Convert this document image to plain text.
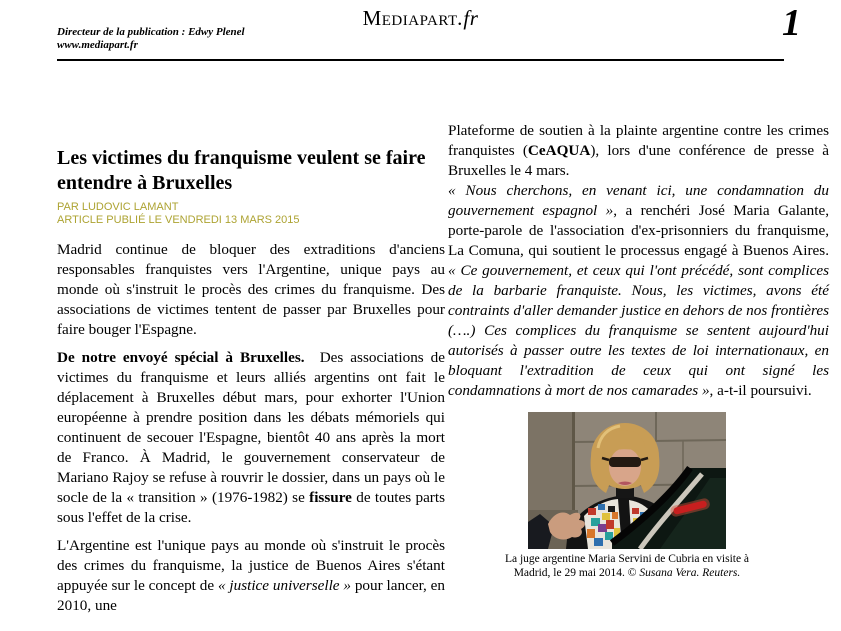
Directeur de la publication : Edwy Plenel
www.mediapart.fr
Mediapart.fr	1
Les victimes du franquisme veulent se faire entendre à Bruxelles
PAR LUDOVIC LAMANT
ARTICLE PUBLIÉ LE VENDREDI 13 MARS 2015

Madrid continue de bloquer des extraditions d'anciens responsables franquistes vers l'Argentine, unique pays au monde où s'instruit le procès des crimes du franquisme. Des associations de victimes tentent de passer par Bruxelles pour faire bouger l'Espagne.

De notre envoyé spécial à Bruxelles.  Des associations de victimes du franquisme et leurs alliés argentins ont fait le déplacement à Bruxelles début mars, pour exhorter l'Union européenne à prendre position dans les débats mémoriels qui continuent de secouer l'Espagne, bientôt 40 ans après la mort de Franco. À Madrid, le gouvernement conservateur de Mariano Rajoy se refuse à rouvrir le dossier, dans un pays où le socle de la « transition » (1976-1982) se fissure de toutes parts sous l'effet de la crise.

L'Argentine est l'unique pays au monde où s'instruit le procès des crimes du franquisme, la justice de Buenos Aires s'étant appuyée sur le concept de « justice universelle » pour lancer, en 2010, une

Plateforme de soutien à la plainte argentine contre les crimes franquistes (CeAQUA), lors d'une conférence de presse à Bruxelles le 4 mars.

« Nous cherchons, en venant ici, une condamnation du gouvernement espagnol », a renchéri José Maria Galante, porte-parole de l'association d'ex-prisonniers du franquisme, La Comuna, qui soutient le processus engagé à Buenos Aires. « Ce gouvernement, et ceux qui l'ont précédé, sont complices de la barbarie franquiste. Nous, les victimes, avons été contraints d'aller demander justice en dehors de nos frontières (….) Ces complices du franquisme se sentent aujourd'hui autorisés à passer outre les textes de loi internationaux, en bloquant l'extradition de ceux qui ont signé les condamnations à mort de nos camarades », a-t-il poursuivi.

La juge argentine Maria Servini de Cubria en visite à Madrid, le 29 mai 2014. © Susana Vera. Reuters.
